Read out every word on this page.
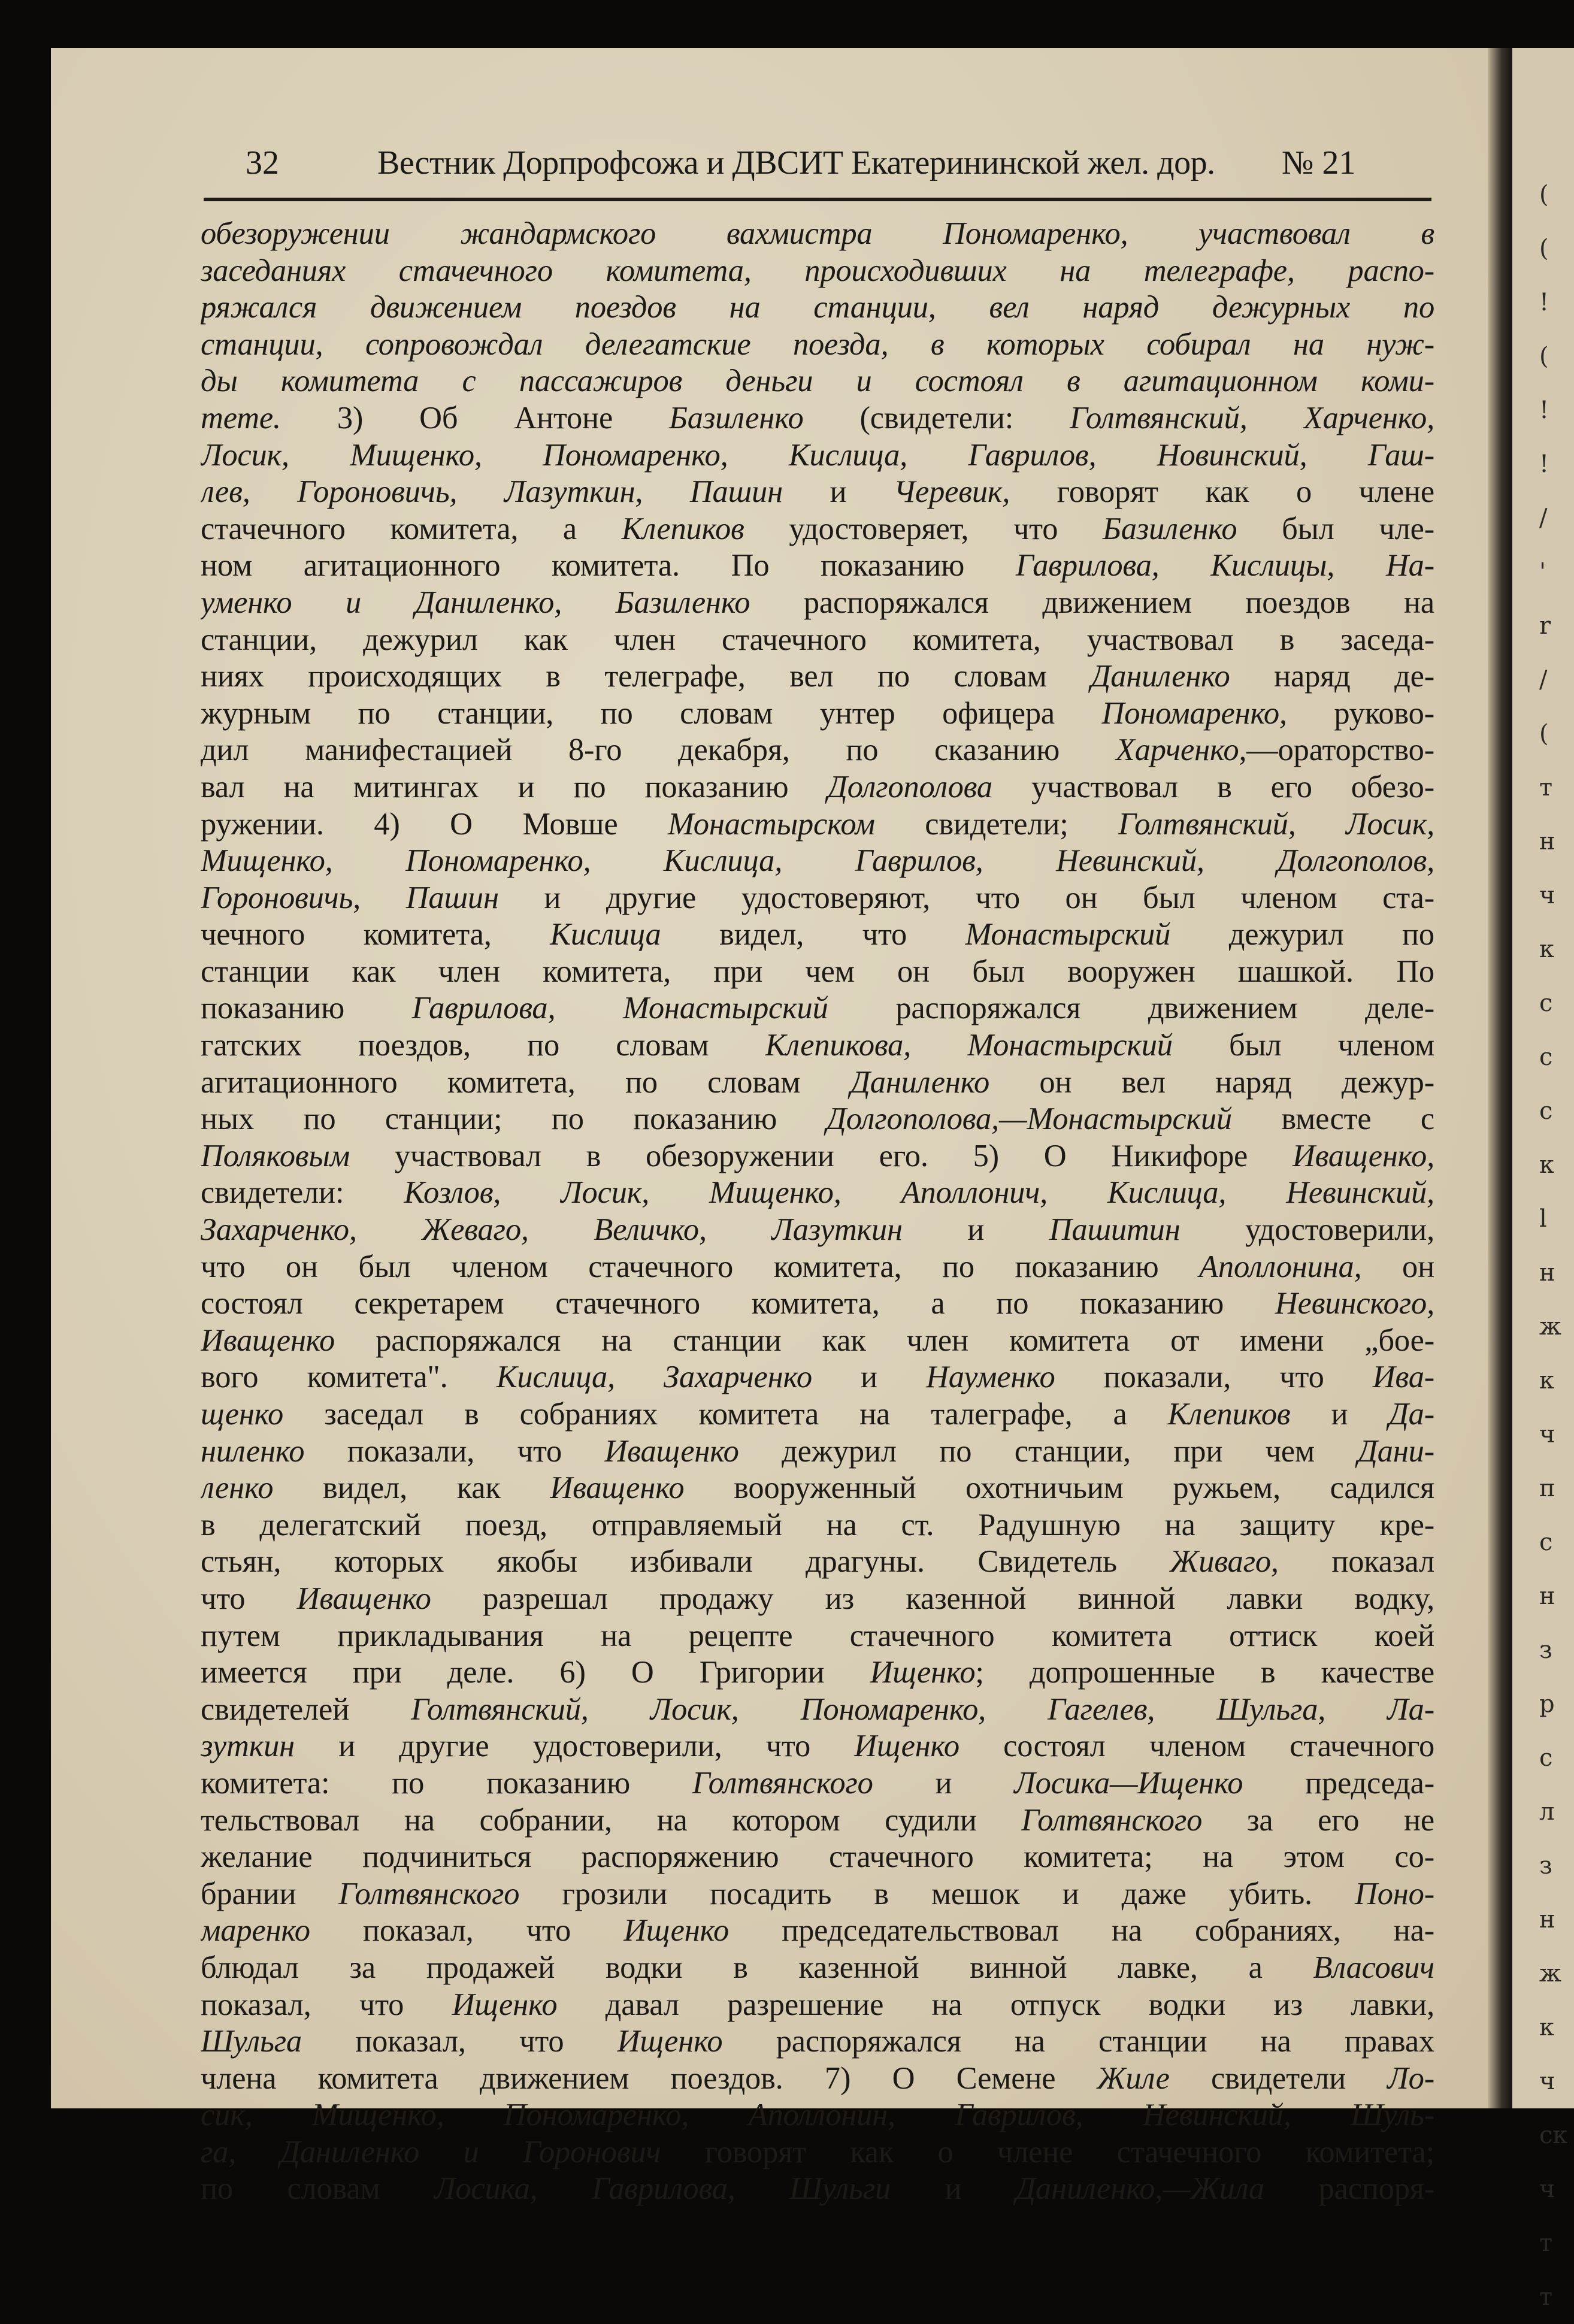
(
(
!
(
!
!
/
'
r
/
(
т
н
ч
к
с
с
с
к
l
н
ж
к
ч
п
с
н
з
р
с
л
з
н
ж
к
ч
ск
ч
т
т
32	Вестник Дорпрофсожа и ДВСИТ Екатерининской жел. дор. № 21
обезоружении жандармского вахмистра Пономаренко, участвовал в
заседаниях стачечного комитета, происходивших на телеграфе, распо-
ряжался движением поездов на станции, вел наряд дежурных по
станции, сопровождал делегатские поезда, в которых собирал на нуж-
ды комитета с пассажиров деньги и состоял в агитационном коми-
тете. 3) Об Антоне Базиленко (свидетели: Голтвянский, Харченко,
Лосик, Мищенко, Пономаренко, Кислица, Гаврилов, Новинский, Гаш-
лев, Гороновичь, Лазуткин, Пашин и Черевик, говорят как о члене
стачечного комитета, а Клепиков удостоверяет, что Базиленко был чле-
ном агитационного комитета. По показанию Гаврилова, Кислицы, На-
уменко и Даниленко, Базиленко распоряжался движением поездов на
станции, дежурил как член стачечного комитета, участвовал в заседа-
ниях происходящих в телеграфе, вел по словам Даниленко наряд де-
журным по станции, по словам унтер офицера Пономаренко, руково-
дил манифестацией 8-го декабря, по сказанию Харченко,—ораторство-
вал на митингах и по показанию Долгополова участвовал в его обезо-
ружении. 4) О Мовше Монастырском свидетели; Голтвянский, Лосик,
Мищенко, Пономаренко, Кислица, Гаврилов, Невинский, Долгополов,
Гороновичь, Пашин и другие удостоверяют, что он был членом ста-
чечного комитета, Кислица видел, что Монастырский дежурил по
станции как член комитета, при чем он был вооружен шашкой. По
показанию Гаврилова, Монастырский распоряжался движением деле-
гатских поездов, по словам Клепикова, Монастырский был членом
агитационного комитета, по словам Даниленко он вел наряд дежур-
ных по станции; по показанию Долгополова,—Монастырский вместе с
Поляковым участвовал в обезоружении его. 5) О Никифоре Иващенко,
свидетели: Козлов, Лосик, Мищенко, Аполлонич, Кислица, Невинский,
Захарченко, Жеваго, Величко, Лазуткин и Пашитин удостоверили,
что он был членом стачечного комитета, по показанию Аполлонина, он
состоял секретарем стачечного комитета, а по показанию Невинского,
Иващенко распоряжался на станции как член комитета от имени „бое-
вого комитета". Кислица, Захарченко и Науменко показали, что Ива-
щенко заседал в собраниях комитета на талеграфе, а Клепиков и Да-
ниленко показали, что Иващенко дежурил по станции, при чем Дани-
ленко видел, как Иващенко вооруженный охотничьим ружьем, садился
в делегатский поезд, отправляемый на ст. Радушную на защиту кре-
стьян, которых якобы избивали драгуны. Свидетель Живаго, показал
что Иващенко разрешал продажу из казенной винной лавки водку,
путем прикладывания на рецепте стачечного комитета оттиск коей
имеется при деле. 6) О Григории Ищенко; допрошенные в качестве
свидетелей Голтвянский, Лосик, Пономаренко, Гагелев, Шульга, Ла-
зуткин и другие удостоверили, что Ищенко состоял членом стачечного
комитета: по показанию Голтвянского и Лосика—Ищенко председа-
тельствовал на собрании, на котором судили Голтвянского за его не
желание подчиниться распоряжению стачечного комитета; на этом со-
брании Голтвянского грозили посадить в мешок и даже убить. Поно-
маренко показал, что Ищенко председательствовал на собраниях, на-
блюдал за продажей водки в казенной винной лавке, а Власович
показал, что Ищенко давал разрешение на отпуск водки из лавки,
Шульга показал, что Ищенко распоряжался на станции на правах
члена комитета движением поездов. 7) О Семене Жиле свидетели Ло-
сик, Мищенко, Пономаренко, Аполлонин, Гаврилов, Невинский, Шуль-
га, Даниленко и Горонович говорят как о члене стачечного комитета;
по словам Лосика, Гаврилова, Шульги и Даниленко,—Жила распоря-
